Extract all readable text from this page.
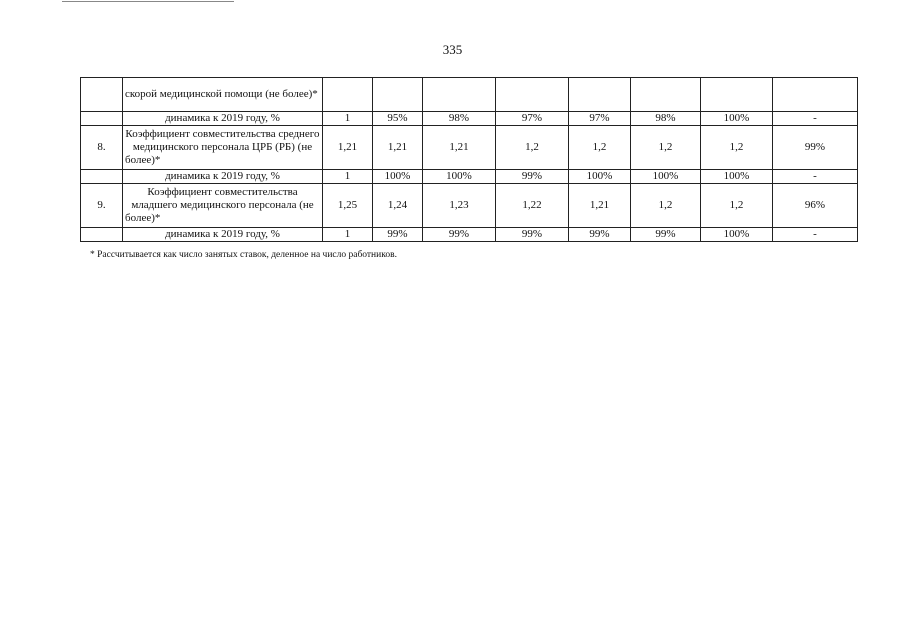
335
	скорой медицинской помощи (не более)*								
	динамика к 2019 году, %	1	95%	98%	97%	97%	98%	100%	-
8.	Коэффициент совместительства среднего медицинского персонала ЦРБ (РБ) (не более)*	1,21	1,21	1,21	1,2	1,2	1,2	1,2	99%
	динамика к 2019 году, %	1	100%	100%	99%	100%	100%	100%	-
9.	Коэффициент совместительства младшего медицинского персонала (не более)*	1,25	1,24	1,23	1,22	1,21	1,2	1,2	96%
	динамика к 2019 году, %	1	99%	99%	99%	99%	99%	100%	-
* Рассчитывается как число занятых ставок, деленное на число работников.
